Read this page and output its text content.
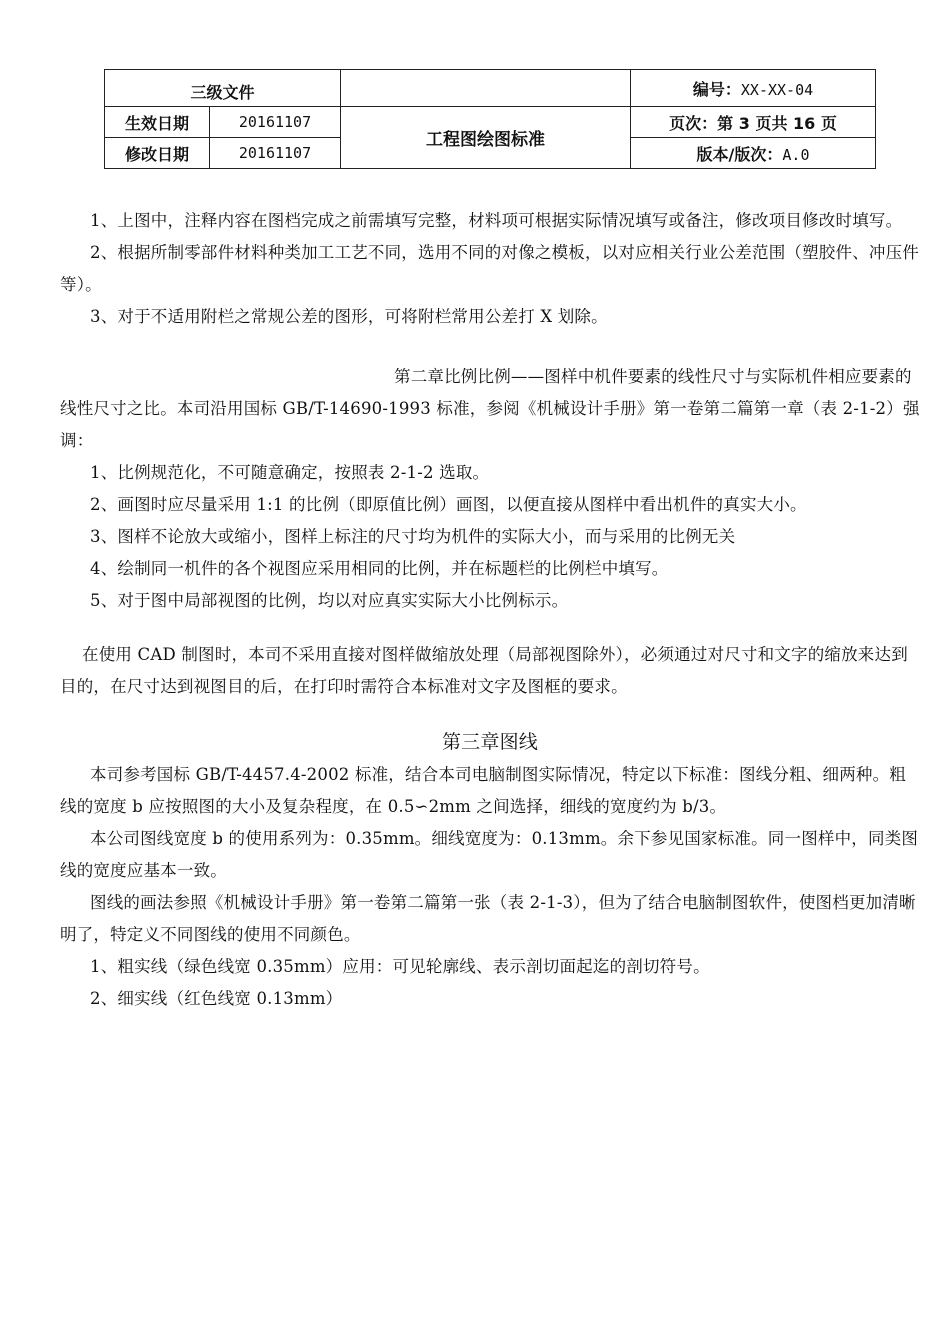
三级文件			编号：XX-XX-04
生效日期	20161107	工程图绘图标准	页次：第 3 页共 16 页
修改日期	20161107		版本/版次：A.0

1、上图中，注释内容在图档完成之前需填写完整，材料项可根据实际情况填写或备注，修改项目修改时填写。

2、根据所制零部件材料种类加工工艺不同，选用不同的对像之模板，以对应相关行业公差范围（塑胶件、冲压件等）。

3、对于不适用附栏之常规公差的图形，可将附栏常用公差打 X 划除。

第二章比例比例——图样中机件要素的线性尺寸与实际机件相应要素的线性尺寸之比。本司沿用国标 GB/T-14690-1993 标准，参阅《机械设计手册》第一卷第二篇第一章（表 2-1-2）强调：

1、比例规范化，不可随意确定，按照表 2-1-2 选取。

2、画图时应尽量采用 1:1 的比例（即原值比例）画图，以便直接从图样中看出机件的真实大小。

3、图样不论放大或缩小，图样上标注的尺寸均为机件的实际大小，而与采用的比例无关

4、绘制同一机件的各个视图应采用相同的比例，并在标题栏的比例栏中填写。

5、对于图中局部视图的比例，均以对应真实实际大小比例标示。

在使用 CAD 制图时，本司不采用直接对图样做缩放处理（局部视图除外），必须通过对尺寸和文字的缩放来达到目的，在尺寸达到视图目的后，在打印时需符合本标准对文字及图框的要求。

第三章图线

本司参考国标 GB/T-4457.4-2002 标准，结合本司电脑制图实际情况，特定以下标准：图线分粗、细两种。粗线的宽度 b 应按照图的大小及复杂程度，在 0.5∽2mm 之间选择，细线的宽度约为 b/3。

本公司图线宽度 b 的使用系列为：0.35mm。细线宽度为：0.13mm。余下参见国家标准。同一图样中，同类图线的宽度应基本一致。

图线的画法参照《机械设计手册》第一卷第二篇第一张（表 2-1-3），但为了结合电脑制图软件，使图档更加清晰明了，特定义不同图线的使用不同颜色。

1、粗实线（绿色线宽 0.35mm）应用：可见轮廓线、表示剖切面起迄的剖切符号。

2、细实线（红色线宽 0.13mm）
